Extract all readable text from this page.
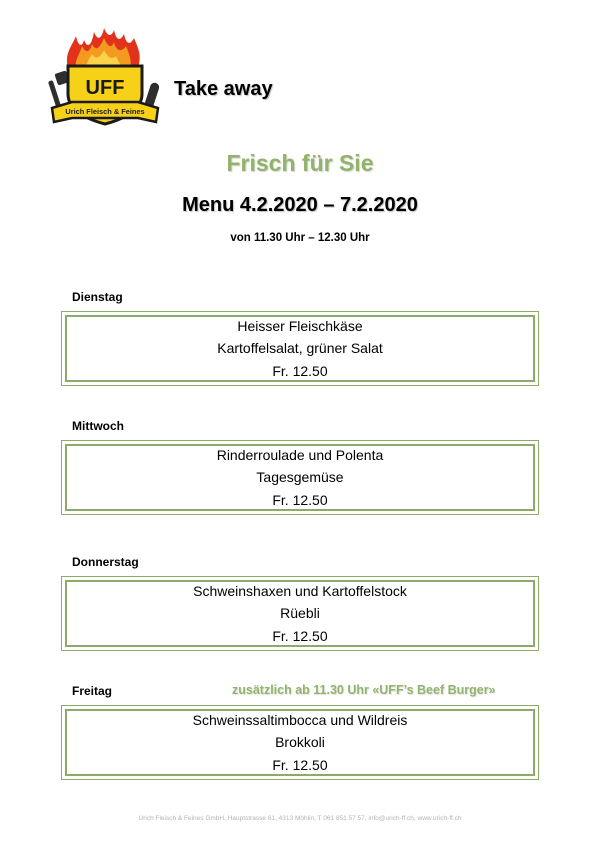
UFF
Urich Fleisch & Feines
Take away
Frisch für Sie
Menu 4.2.2020 – 7.2.2020
von 11.30 Uhr – 12.30 Uhr
Dienstag
Heisser Fleischkäse
Kartoffelsalat, grüner Salat
Fr. 12.50
Mittwoch
Rinderroulade und Polenta
Tagesgemüse
Fr. 12.50
Donnerstag
Schweinshaxen und Kartoffelstock
Rüebli
Fr. 12.50
Freitag	zusätzlich ab 11.30 Uhr «UFF’s Beef Burger»
Schweinssaltimbocca und Wildreis
Brokkoli
Fr. 12.50
Urich Fleisch & Feines GmbH, Hauptstrasse 61, 4313 Möhlin, T 061 851 57 57, info@urich-ff.ch, www.urich-ff.ch
